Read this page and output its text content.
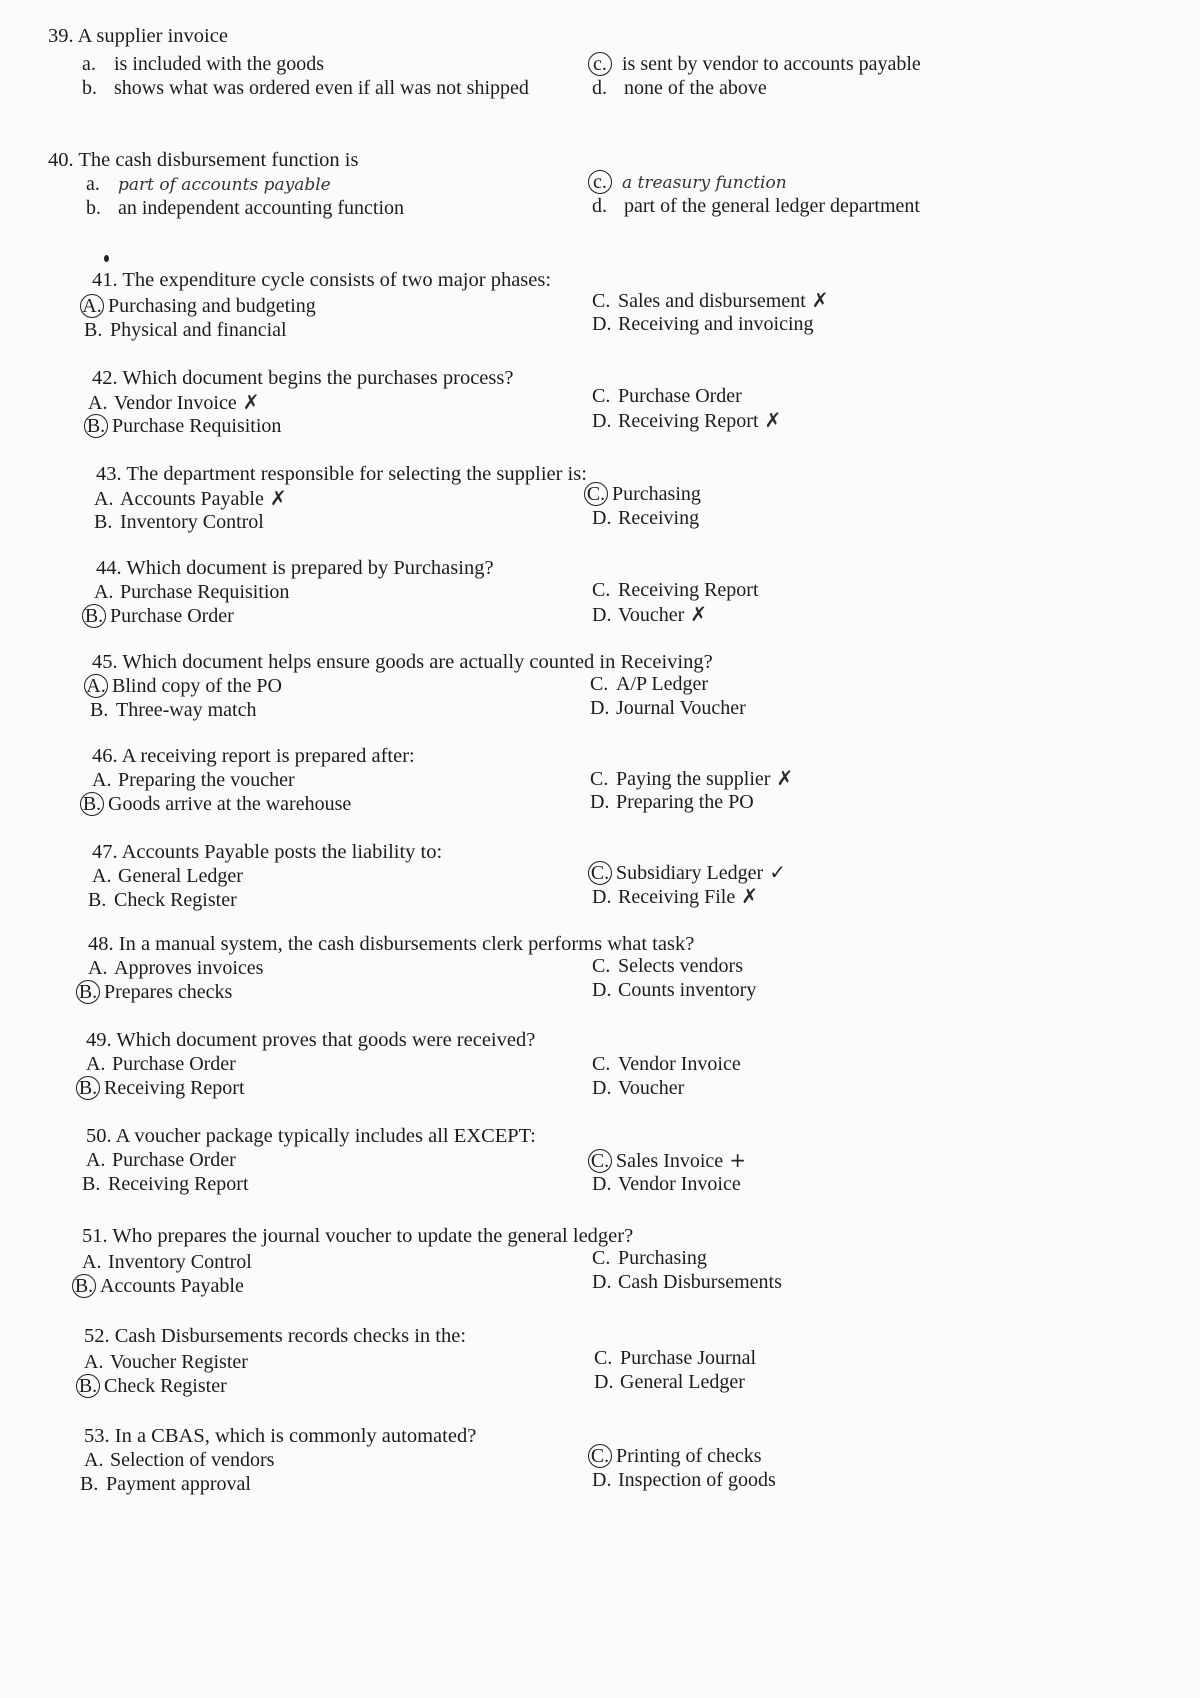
39. A supplier invoice
a. is included with the goods
b. shows what was ordered even if all was not shipped
c. is sent by vendor to accounts payable
d. none of the above
40. The cash disbursement function is
a. part of accounts payable
b. an independent accounting function
c. a treasury function
d. part of the general ledger department
41. The expenditure cycle consists of two major phases:
A. Purchasing and budgeting
B. Physical and financial
C. Sales and disbursement ✗
D. Receiving and invoicing
42. Which document begins the purchases process?
A. Vendor Invoice ✗
B. Purchase Requisition
C. Purchase Order
D. Receiving Report ✗
43. The department responsible for selecting the supplier is:
A. Accounts Payable ✗
B. Inventory Control
C. Purchasing
D. Receiving
44. Which document is prepared by Purchasing?
A. Purchase Requisition
B. Purchase Order
C. Receiving Report
D. Voucher ✗
45. Which document helps ensure goods are actually counted in Receiving?
A. Blind copy of the PO
B. Three-way match
C. A/P Ledger
D. Journal Voucher
46. A receiving report is prepared after:
A. Preparing the voucher
B. Goods arrive at the warehouse
C. Paying the supplier ✗
D. Preparing the PO
47. Accounts Payable posts the liability to:
A. General Ledger
B. Check Register
C. Subsidiary Ledger ✓
D. Receiving File ✗
48. In a manual system, the cash disbursements clerk performs what task?
A. Approves invoices
B. Prepares checks
C. Selects vendors
D. Counts inventory
49. Which document proves that goods were received?
A. Purchase Order
B. Receiving Report
C. Vendor Invoice
D. Voucher
50. A voucher package typically includes all EXCEPT:
A. Purchase Order
B. Receiving Report
C. Sales Invoice +
D. Vendor Invoice
51. Who prepares the journal voucher to update the general ledger?
A. Inventory Control
B. Accounts Payable
C. Purchasing
D. Cash Disbursements
52. Cash Disbursements records checks in the:
A. Voucher Register
B. Check Register
C. Purchase Journal
D. General Ledger
53. In a CBAS, which is commonly automated?
A. Selection of vendors
B. Payment approval
C. Printing of checks
D. Inspection of goods
